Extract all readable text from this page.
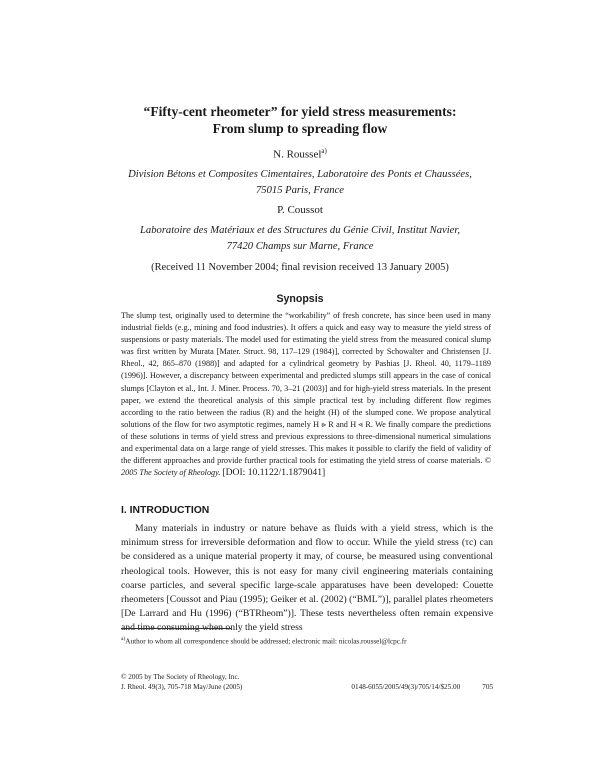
“Fifty-cent rheometer” for yield stress measurements:
From slump to spreading flow
N. Roussel$^{a)}$
Division Bétons et Composites Cimentaires, Laboratoire des Ponts et Chaussées,
75015 Paris, France
P. Coussot
Laboratoire des Matériaux et des Structures du Génie Civil, Institut Navier,
77420 Champs sur Marne, France
(Received 11 November 2004; final revision received 13 January 2005)
Synopsis
The slump test, originally used to determine the “workability” of fresh concrete, has since been used in many industrial fields (e.g., mining and food industries). It offers a quick and easy way to measure the yield stress of suspensions or pasty materials. The model used for estimating the yield stress from the measured conical slump was first written by Murata [Mater. Struct. 98, 117–129 (1984)], corrected by Schowalter and Christensen [J. Rheol., 42, 865–870 (1988)] and adapted for a cylindrical geometry by Pashias [J. Rheol. 40, 1179–1189 (1996)]. However, a discrepancy between experimental and predicted slumps still appears in the case of conical slumps [Clayton et al., Int. J. Miner. Process. 70, 3–21 (2003)] and for high-yield stress materials. In the present paper, we extend the theoretical analysis of this simple practical test by including different flow regimes according to the ratio between the radius (R) and the height (H) of the slumped cone. We propose analytical solutions of the flow for two asymptotic regimes, namely H ⪢ R and H ⪡ R. We finally compare the predictions of these solutions in terms of yield stress and previous expressions to three-dimensional numerical simulations and experimental data on a large range of yield stresses. This makes it possible to clarify the field of validity of the different approaches and provide further practical tools for estimating the yield stress of coarse materials. © 2005 The Society of Rheology. [DOI: 10.1122/1.1879041]
I. INTRODUCTION
Many materials in industry or nature behave as fluids with a yield stress, which is the minimum stress for irreversible deformation and flow to occur. While the yield stress (τc) can be considered as a unique material property it may, of course, be measured using conventional rheological tools. However, this is not easy for many civil engineering materials containing coarse particles, and several specific large-scale apparatuses have been developed: Couette rheometers [Coussot and Piau (1995); Geiker et al. (2002) (“BML”)], parallel plates rheometers [De Larrard and Hu (1996) (“BTRheom”)]. These tests nevertheless often remain expensive and time consuming when only the yield stress
$^{a)}$Author to whom all correspondence should be addressed; electronic mail: nicolas.roussel@lcpc.fr
© 2005 by The Society of Rheology, Inc.
J. Rheol. 49(3), 705-718 May/June (2005)	0148-6055/2005/49(3)/705/14/$25.00	705
